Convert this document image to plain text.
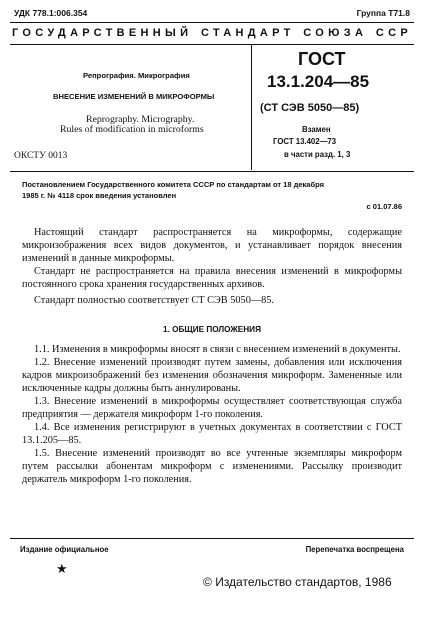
УДК 778.1:006.354	Группа Т71.8
ГОСУДАРСТВЕННЫЙ СТАНДАРТ СОЮЗА ССР
Репрография. Микрография
ВНЕСЕНИЕ ИЗМЕНЕНИЙ В МИКРОФОРМЫ
Reprography. Micrography.
Rules of modification in microforms
ГОСТ
13.1.204—85
(СТ СЭВ 5050—85)
Взамен
ГОСТ 13.402—73
в части разд. 1, 3
ОКСТУ 0013
Постановлением Государственного комитета СССР по стандартам от 18 декабря
1985 г. № 4118 срок введения установлен
с 01.07.86

Настоящий стандарт распространяется на микроформы, содержащие микроизображения всех видов документов, и устанавливает порядок внесения изменений в данные микроформы.

Стандарт не распространяется на правила внесения изменений в микроформы постоянного срока хранения государственных архивов.

Стандарт полностью соответствует СТ СЭВ 5050—85.

1. ОБЩИЕ ПОЛОЖЕНИЯ

1.1. Изменения в микроформы вносят в связи с внесением изменений в документы.

1.2. Внесение изменений производят путем замены, добавления или исключения кадров микроизображений без изменения обозначения микроформ. Замененные или исключенные кадры должны быть аннулированы.

1.3. Внесение изменений в микроформы осуществляет соответствующая служба предприятия — держателя микроформ 1-го поколения.

1.4. Все изменения регистрируют в учетных документах в соответствии с ГОСТ 13.1.205—85.

1.5. Внесение изменений производят во все учтенные экземпляры микроформ путем рассылки абонентам микроформ с изменениями. Рассылку производит держатель микроформ 1-го поколения.

Издание официальное	Перепечатка воспрещена
★
© Издательство стандартов, 1986
